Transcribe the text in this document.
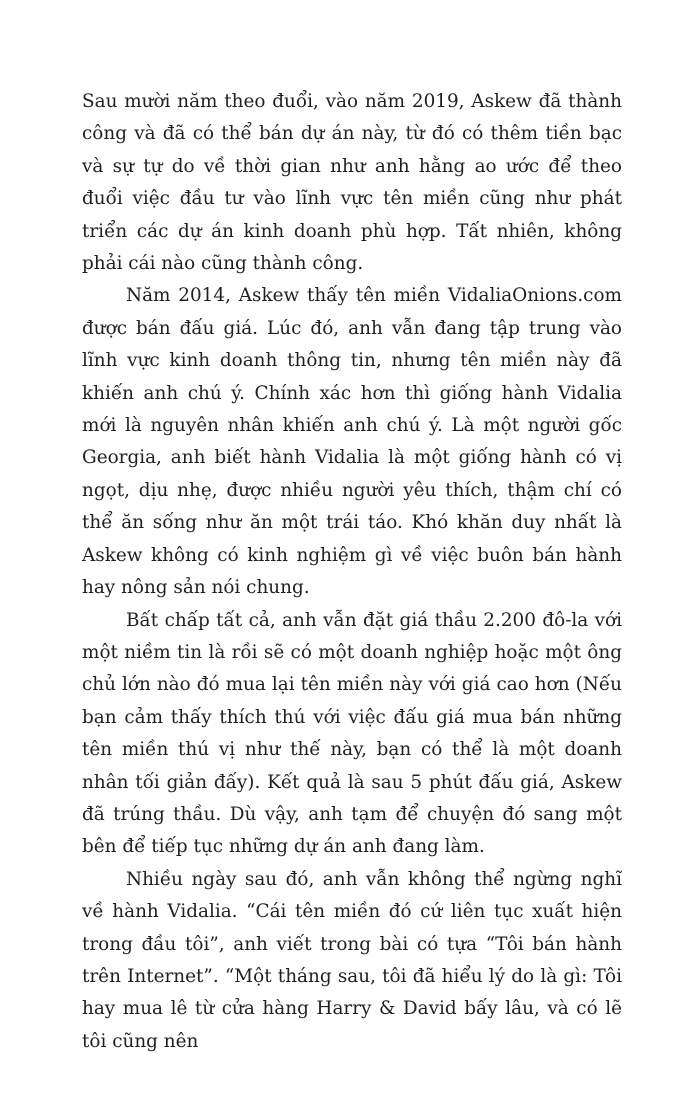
Sau mười năm theo đuổi, vào năm 2019, Askew đã thành công và đã có thể bán dự án này, từ đó có thêm tiền bạc và sự tự do về thời gian như anh hằng ao ước để theo đuổi việc đầu tư vào lĩnh vực tên miền cũng như phát triển các dự án kinh doanh phù hợp. Tất nhiên, không phải cái nào cũng thành công.

Năm 2014, Askew thấy tên miền VidaliaOnions.com được bán đấu giá. Lúc đó, anh vẫn đang tập trung vào lĩnh vực kinh doanh thông tin, nhưng tên miền này đã khiến anh chú ý. Chính xác hơn thì giống hành Vidalia mới là nguyên nhân khiến anh chú ý. Là một người gốc Georgia, anh biết hành Vidalia là một giống hành có vị ngọt, dịu nhẹ, được nhiều người yêu thích, thậm chí có thể ăn sống như ăn một trái táo. Khó khăn duy nhất là Askew không có kinh nghiệm gì về việc buôn bán hành hay nông sản nói chung.

Bất chấp tất cả, anh vẫn đặt giá thầu 2.200 đô-la với một niềm tin là rồi sẽ có một doanh nghiệp hoặc một ông chủ lớn nào đó mua lại tên miền này với giá cao hơn (Nếu bạn cảm thấy thích thú với việc đấu giá mua bán những tên miền thú vị như thế này, bạn có thể là một doanh nhân tối giản đấy). Kết quả là sau 5 phút đấu giá, Askew đã trúng thầu. Dù vậy, anh tạm để chuyện đó sang một bên để tiếp tục những dự án anh đang làm.

Nhiều ngày sau đó, anh vẫn không thể ngừng nghĩ về hành Vidalia. “Cái tên miền đó cứ liên tục xuất hiện trong đầu tôi”, anh viết trong bài có tựa “Tôi bán hành trên Internet”. “Một tháng sau, tôi đã hiểu lý do là gì: Tôi hay mua lê từ cửa hàng Harry & David bấy lâu, và có lẽ tôi cũng nên
